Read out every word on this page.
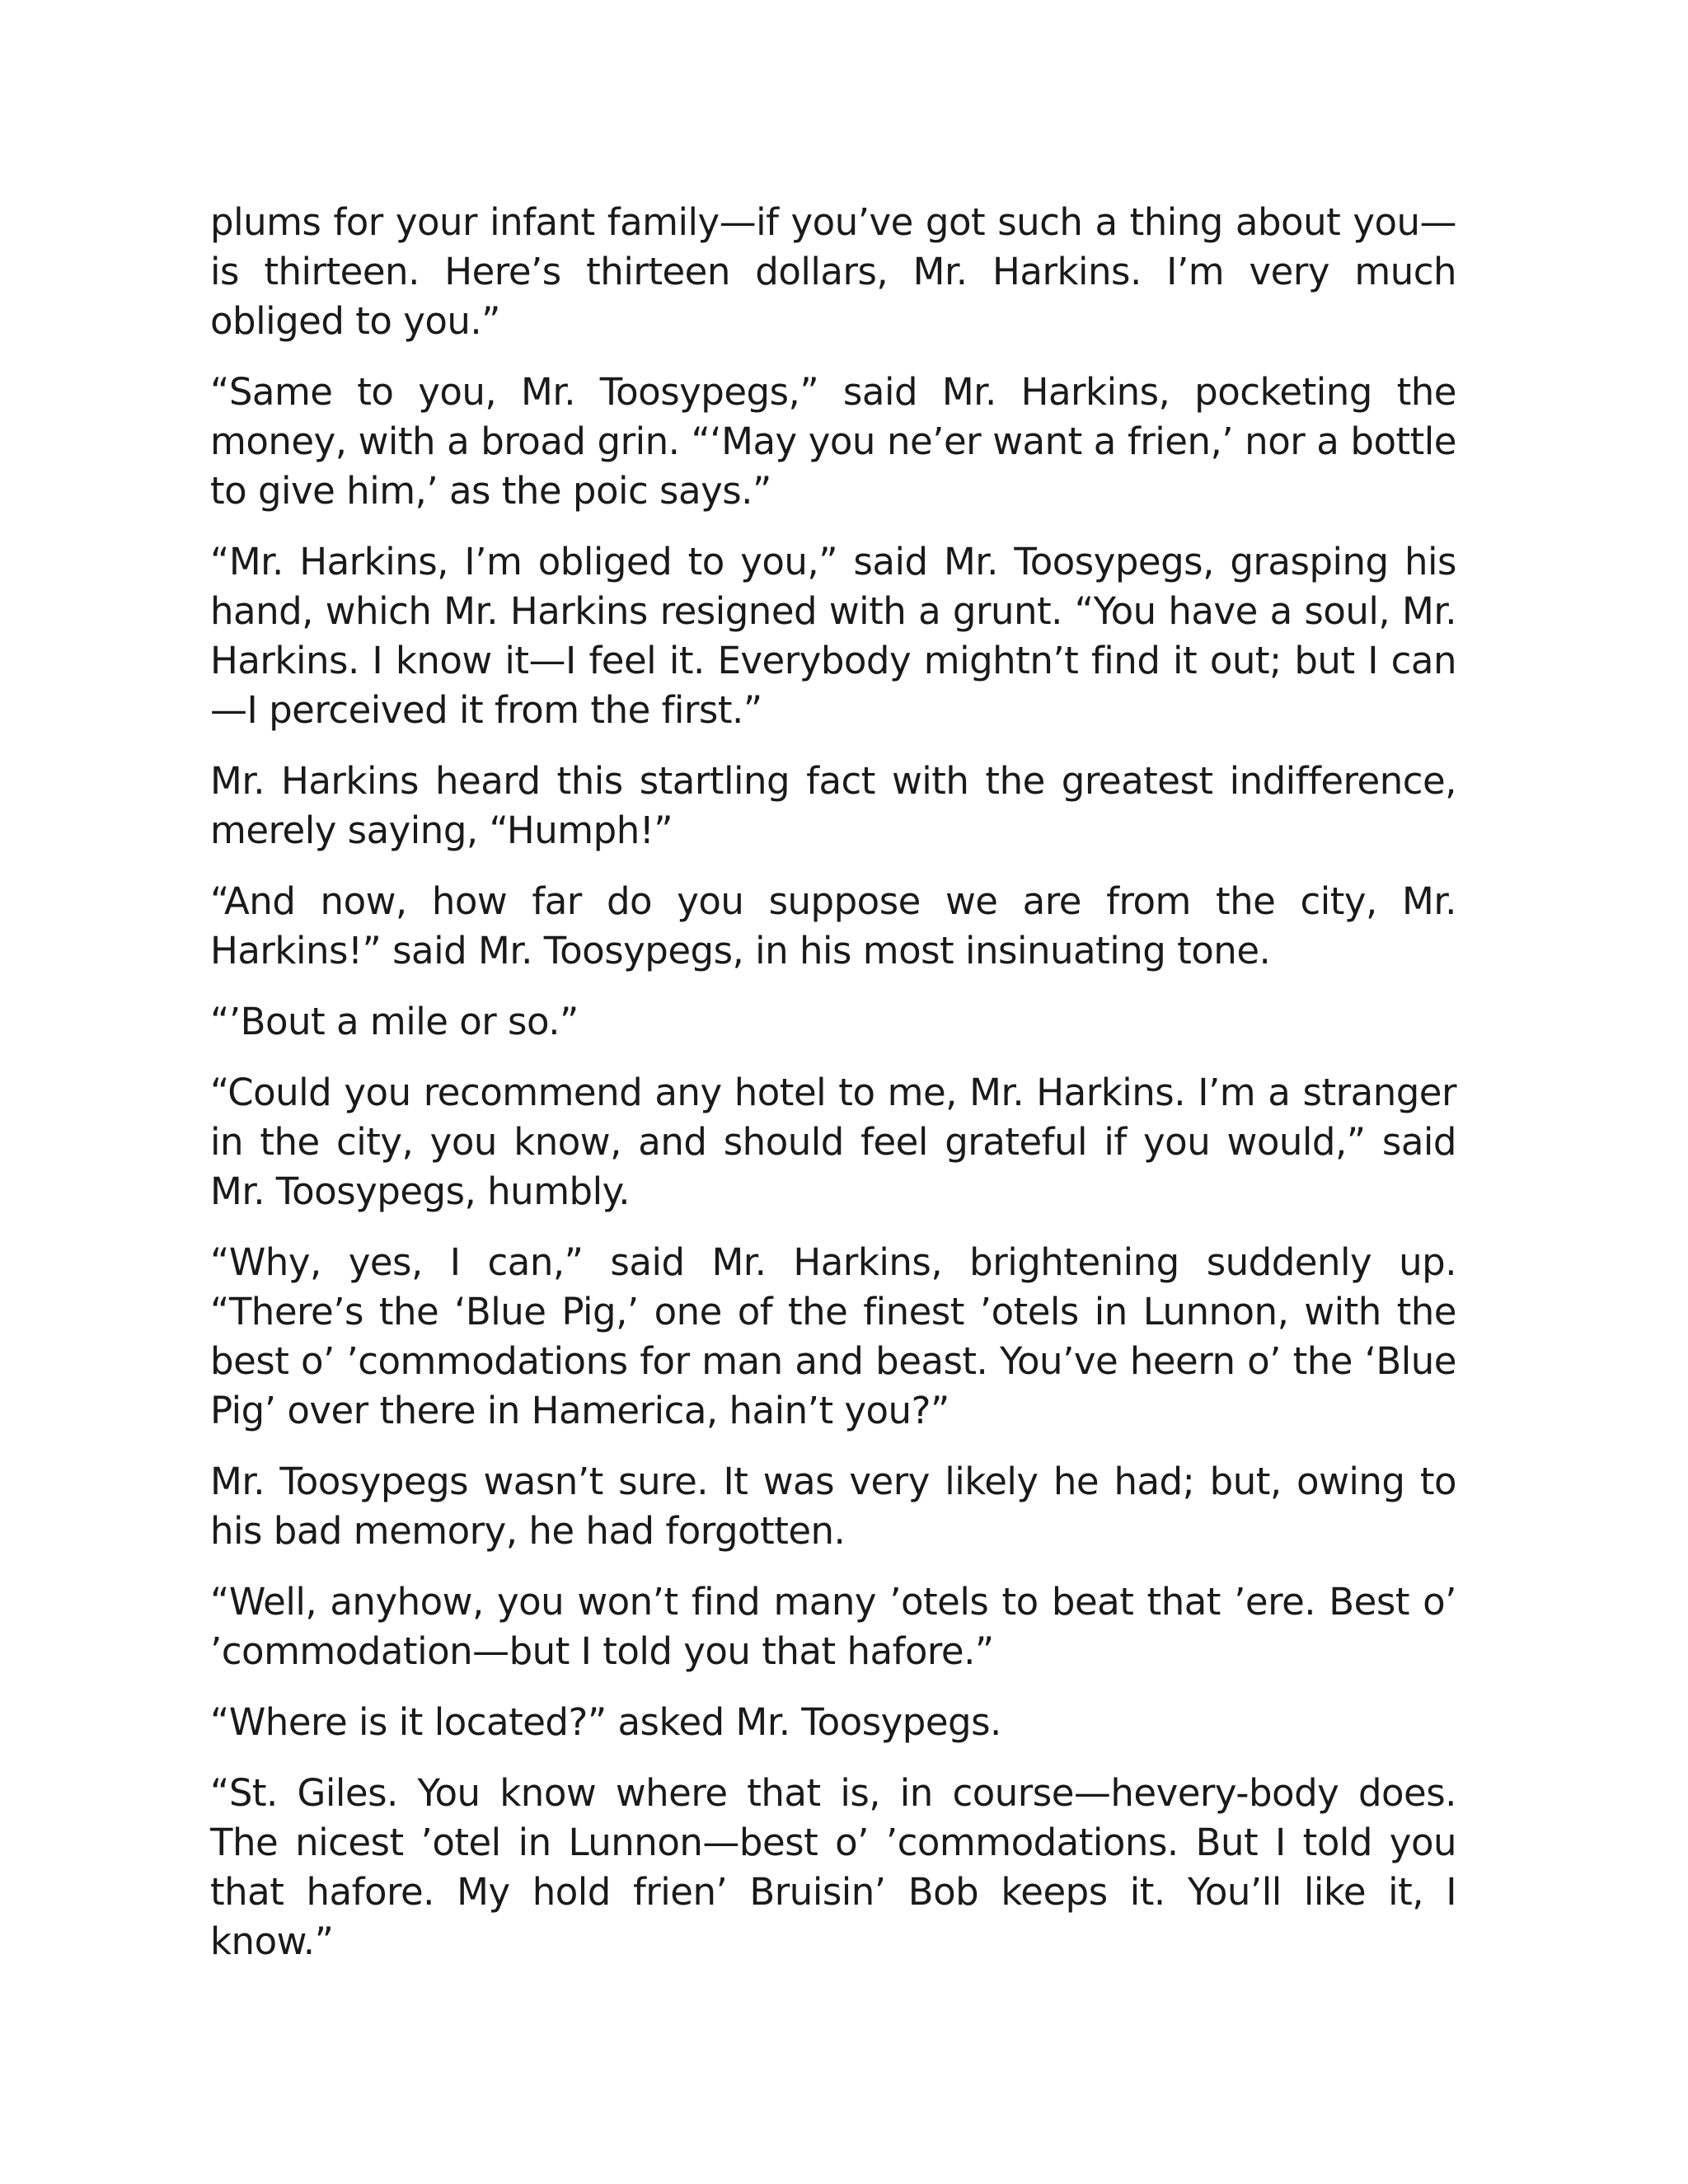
plums for your infant family—if you’ve got such a thing about you—is thirteen. Here’s thirteen dollars, Mr. Harkins. I’m very much obliged to you.”

“Same to you, Mr. Toosypegs,” said Mr. Harkins, pocketing the money, with a broad grin. “‘May you ne’er want a frien,’ nor a bottle to give him,’ as the poic says.”

“Mr. Harkins, I’m obliged to you,” said Mr. Toosypegs, grasping his hand, which Mr. Harkins resigned with a grunt. “You have a soul, Mr. Harkins. I know it—I feel it. Everybody mightn’t find it out; but I can —I perceived it from the first.”

Mr. Harkins heard this startling fact with the greatest indifference, merely saying, “Humph!”

“And now, how far do you suppose we are from the city, Mr. Harkins!” said Mr. Toosypegs, in his most insinuating tone.

“’Bout a mile or so.”

“Could you recommend any hotel to me, Mr. Harkins. I’m a stranger in the city, you know, and should feel grateful if you would,” said Mr. Toosypegs, humbly.

“Why, yes, I can,” said Mr. Harkins, brightening suddenly up. “There’s the ‘Blue Pig,’ one of the finest ’otels in Lunnon, with the best o’ ’commodations for man and beast. You’ve heern o’ the ‘Blue Pig’ over there in Hamerica, hain’t you?”

Mr. Toosypegs wasn’t sure. It was very likely he had; but, owing to his bad memory, he had forgotten.

“Well, anyhow, you won’t find many ’otels to beat that ’ere. Best o’ ’commodation—but I told you that hafore.”

“Where is it located?” asked Mr. Toosypegs.

“St. Giles. You know where that is, in course—hevery-body does. The nicest ’otel in Lunnon—best o’ ’commodations. But I told you that hafore. My hold frien’ Bruisin’ Bob keeps it. You’ll like it, I know.”
